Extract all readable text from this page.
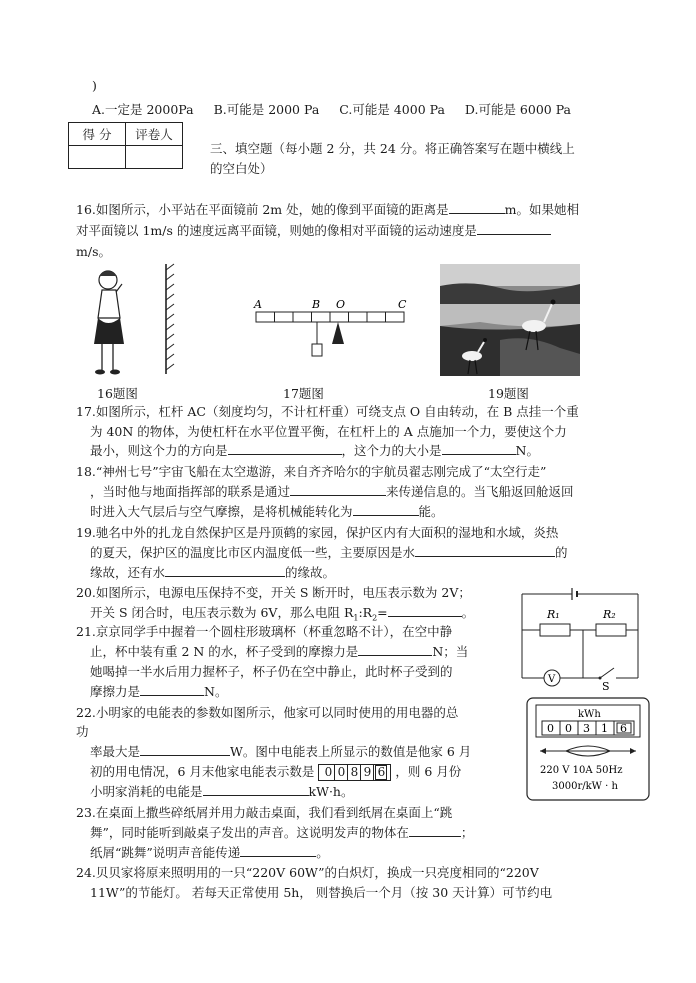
)
A.一定是 2000Pa B.可能是 2000 Pa C.可能是 4000 Pa D.可能是 6000 Pa
得 分	评卷人

三、填空题（每小题 2 分，共 24 分。将正确答案写在题中横线上
的空白处）
16.如图所示，小平站在平面镜前 2m 处，她的像到平面镜的距离是	m。如果她相
对平面镜以 1m/s 的速度远离平面镜，则她的像相对平面镜的运动速度是
m/s。
16题图
A	B O	C
17题图	19题图
17.如图所示，杠杆 AC（刻度均匀，不计杠杆重）可绕支点 O 自由转动，在 B 点挂一个重
为 40N 的物体，为使杠杆在水平位置平衡，在杠杆上的 A 点施加一个力，要使这个力
最小，则这个力的方向是	，这个力的大小是	N。
18.“神州七号”宇宙飞船在太空遨游，来自齐齐哈尔的宇航员翟志刚完成了“太空行走”
，当时他与地面指挥部的联系是通过	来传递信息的。当飞船返回舱返回
时进入大气层后与空气摩擦，是将机械能转化为	能。
19.驰名中外的扎龙自然保护区是丹顶鹤的家园，保护区内有大面积的湿地和水域，炎热
的夏天，保护区的温度比市区内温度低一些，主要原因是水	的
缘故，还有水	的缘故。
20.如图所示，电源电压保持不变，开关 S 断开时，电压表示数为 2V；
开关 S 闭合时，电压表示数为 6V，那么电阻 $R_1:R_2=$	。	R₁	R₂
V
S
21.京京同学手中握着一个圆柱形玻璃杯（杯重忽略不计），在空中静
止，杯中装有重 2 N 的水，杯子受到的摩擦力是	N；当
她喝掉一半水后用力握杯子，杯子仍在空中静止，此时杯子受到的
摩擦力是	N。
22.小明家的电能表的参数如图所示，他家可以同时使用的用电器的总
功
率最大是	W。图中电能表上所显示的数值是他家 6 月
初的用电情况，6 月末他家电能表示数是 0 0 8 9 6 ，则 6 月份
小明家消耗的电能是	kW·h。
kWh
0 0 3 1 6
220 V 10A 50Hz
3000r/kW · h
23.在桌面上撒些碎纸屑并用力敲击桌面，我们看到纸屑在桌面上“跳
舞”，同时能听到敲桌子发出的声音。这说明发声的物体在	；
纸屑“跳舞”说明声音能传递	。
24.贝贝家将原来照明用的一只“220V 60W”的白炽灯，换成一只亮度相同的“220V
11W”的节能灯。 若每天正常使用 5h， 则替换后一个月（按 30 天计算）可节约电
